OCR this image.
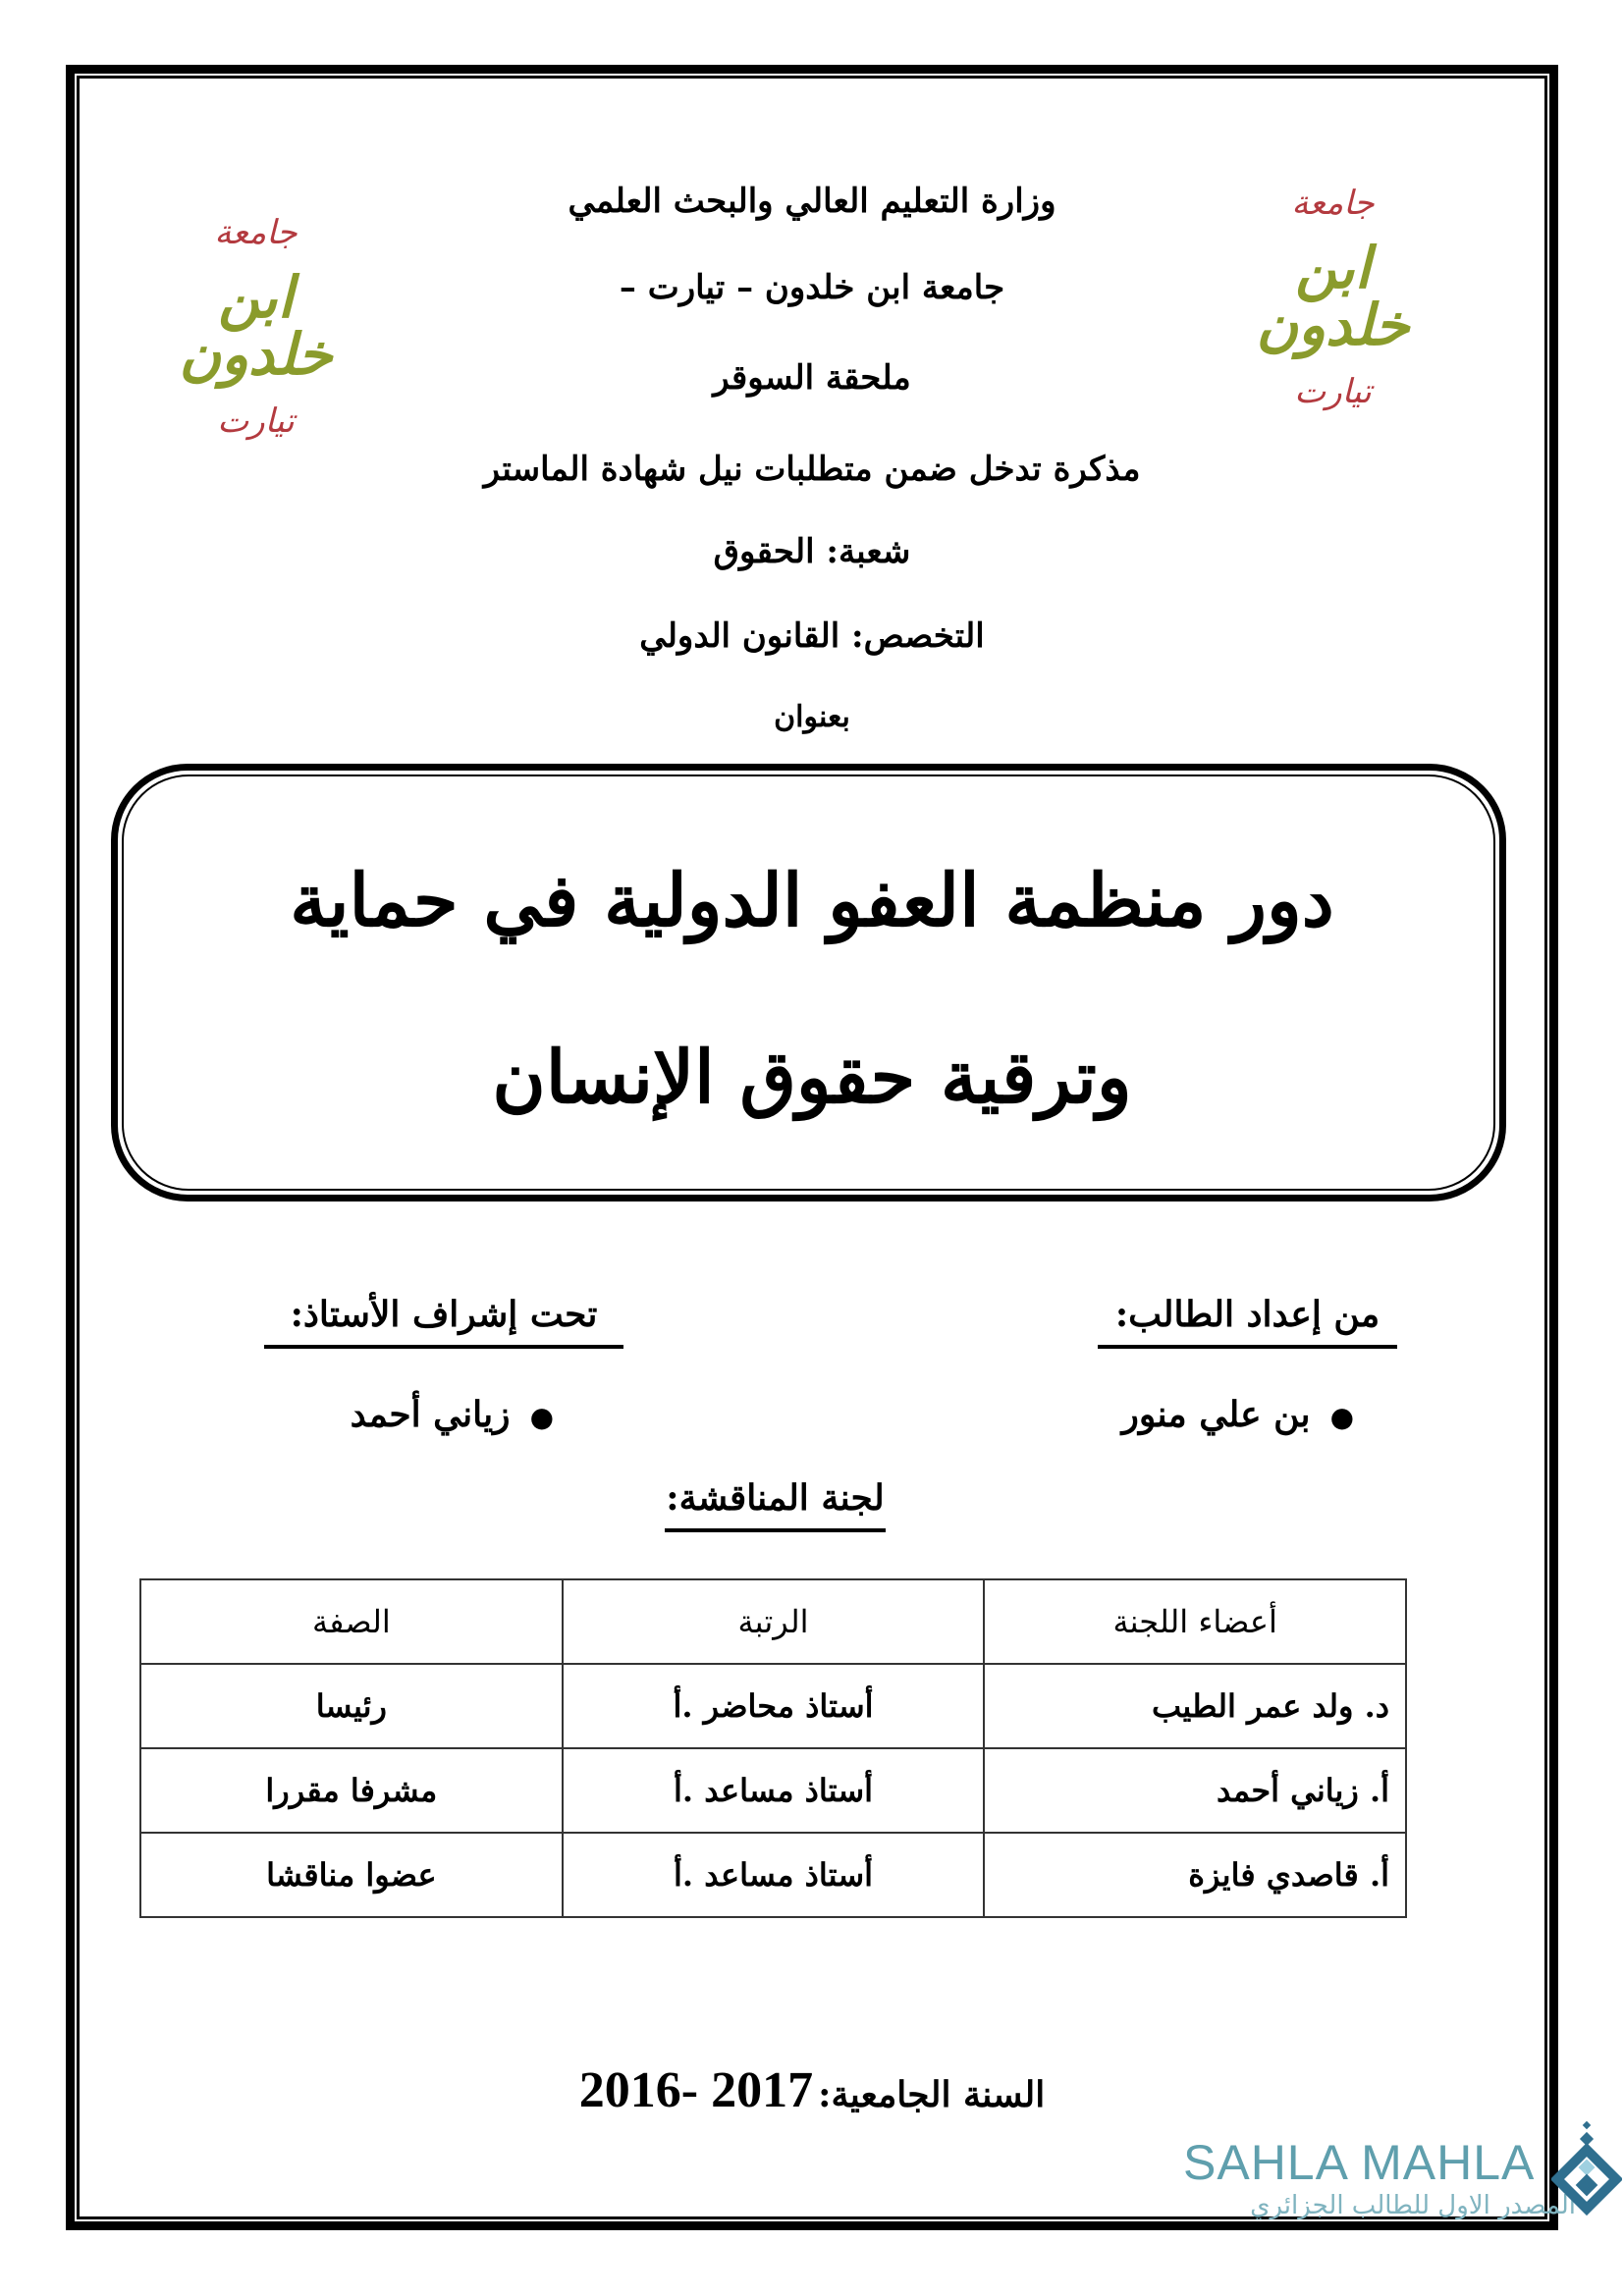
جامعة
ابن خلدون
تيارت
جامعة
ابن خلدون
تيارت
وزارة التعليم العالي والبحث العلمي
جامعة ابن خلدون – تيارت –
ملحقة السوقر
مذكرة تدخل ضمن متطلبات نيل شهادة الماستر
شعبة: الحقوق
التخصص: القانون الدولي
بعنوان
دور منظمة العفو الدولية في حماية
وترقية حقوق الإنسان
من إعداد الطالب:
تحت إشراف الأستاذ:
●بن علي منور
●زياني أحمد
لجنة المناقشة:
أعضاء اللجنة	الرتبة	الصفة
د. ولد عمر الطيب	أستاذ محاضر .أ	رئيسا
أ. زياني أحمد	أستاذ مساعد .أ	مشرفا مقررا
أ. قاصدي فايزة	أستاذ مساعد .أ	عضوا مناقشا
السنة الجامعية: 2016- 2017
SAHLA MAHLA
المصدر الاول للطالب الجزائري
